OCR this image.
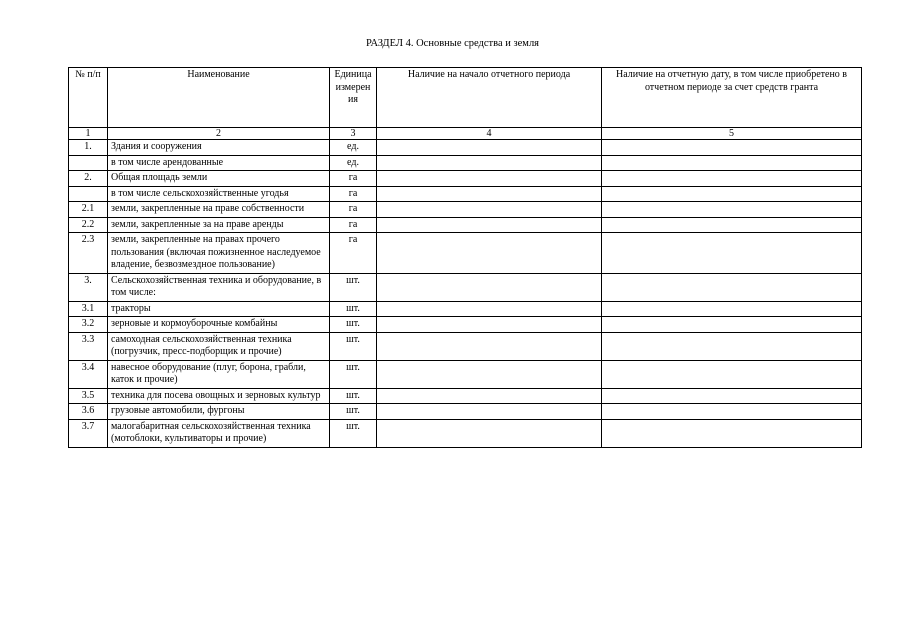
РАЗДЕЛ 4. Основные средства и земля
№ п/п	Наименование	Единица измерения	Наличие на начало отчетного периода	Наличие на отчетную дату, в том числе приобретено в отчетном периоде за счет средств гранта
1	2	3	4	5
1.	Здания и сооружения	ед.		
	в том числе арендованные	ед.		
2.	Общая площадь земли	га		
	в том числе сельскохозяйственные угодья	га		
2.1	земли, закрепленные на праве собственности	га		
2.2	земли, закрепленные за на праве аренды	га		
2.3	земли, закрепленные на правах прочего пользования (включая пожизненное наследуемое владение, безвозмездное пользование)	га		
3.	Сельскохозяйственная техника и оборудование, в том числе:	шт.		
3.1	тракторы	шт.		
3.2	зерновые и кормоуборочные комбайны	шт.		
3.3	самоходная сельскохозяйственная техника (погрузчик, пресс-подборщик и прочие)	шт.		
3.4	навесное оборудование (плуг, борона, грабли, каток и прочие)	шт.		
3.5	техника для посева овощных и зерновых культур	шт.		
3.6	грузовые автомобили, фургоны	шт.		
3.7	малогабаритная сельскохозяйственная техника (мотоблоки, культиваторы и прочие)	шт.		
